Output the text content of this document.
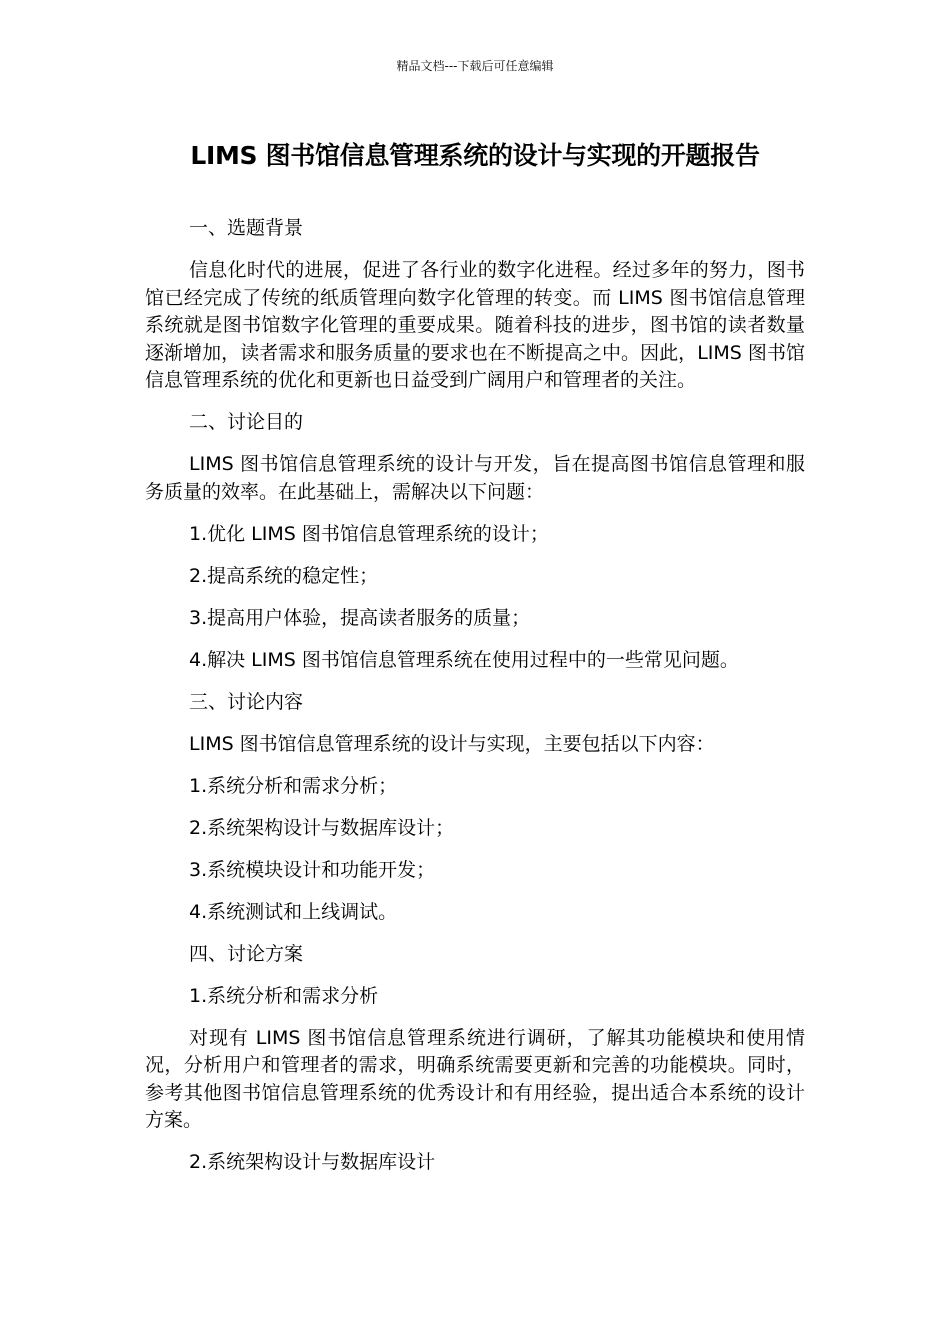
精品文档---下载后可任意编辑
LIMS 图书馆信息管理系统的设计与实现的开题报告

一、选题背景

信息化时代的进展，促进了各行业的数字化进程。经过多年的努力，图书馆已经完成了传统的纸质管理向数字化管理的转变。而 LIMS 图书馆信息管理系统就是图书馆数字化管理的重要成果。随着科技的进步，图书馆的读者数量逐渐增加，读者需求和服务质量的要求也在不断提高之中。因此，LIMS 图书馆信息管理系统的优化和更新也日益受到广阔用户和管理者的关注。

二、讨论目的

LIMS 图书馆信息管理系统的设计与开发，旨在提高图书馆信息管理和服务质量的效率。在此基础上，需解决以下问题：

1.优化 LIMS 图书馆信息管理系统的设计；

2.提高系统的稳定性；

3.提高用户体验，提高读者服务的质量；

4.解决 LIMS 图书馆信息管理系统在使用过程中的一些常见问题。

三、讨论内容

LIMS 图书馆信息管理系统的设计与实现，主要包括以下内容：

1.系统分析和需求分析；

2.系统架构设计与数据库设计；

3.系统模块设计和功能开发；

4.系统测试和上线调试。

四、讨论方案

1.系统分析和需求分析

对现有 LIMS 图书馆信息管理系统进行调研，了解其功能模块和使用情况，分析用户和管理者的需求，明确系统需要更新和完善的功能模块。同时，参考其他图书馆信息管理系统的优秀设计和有用经验，提出适合本系统的设计方案。

2.系统架构设计与数据库设计
